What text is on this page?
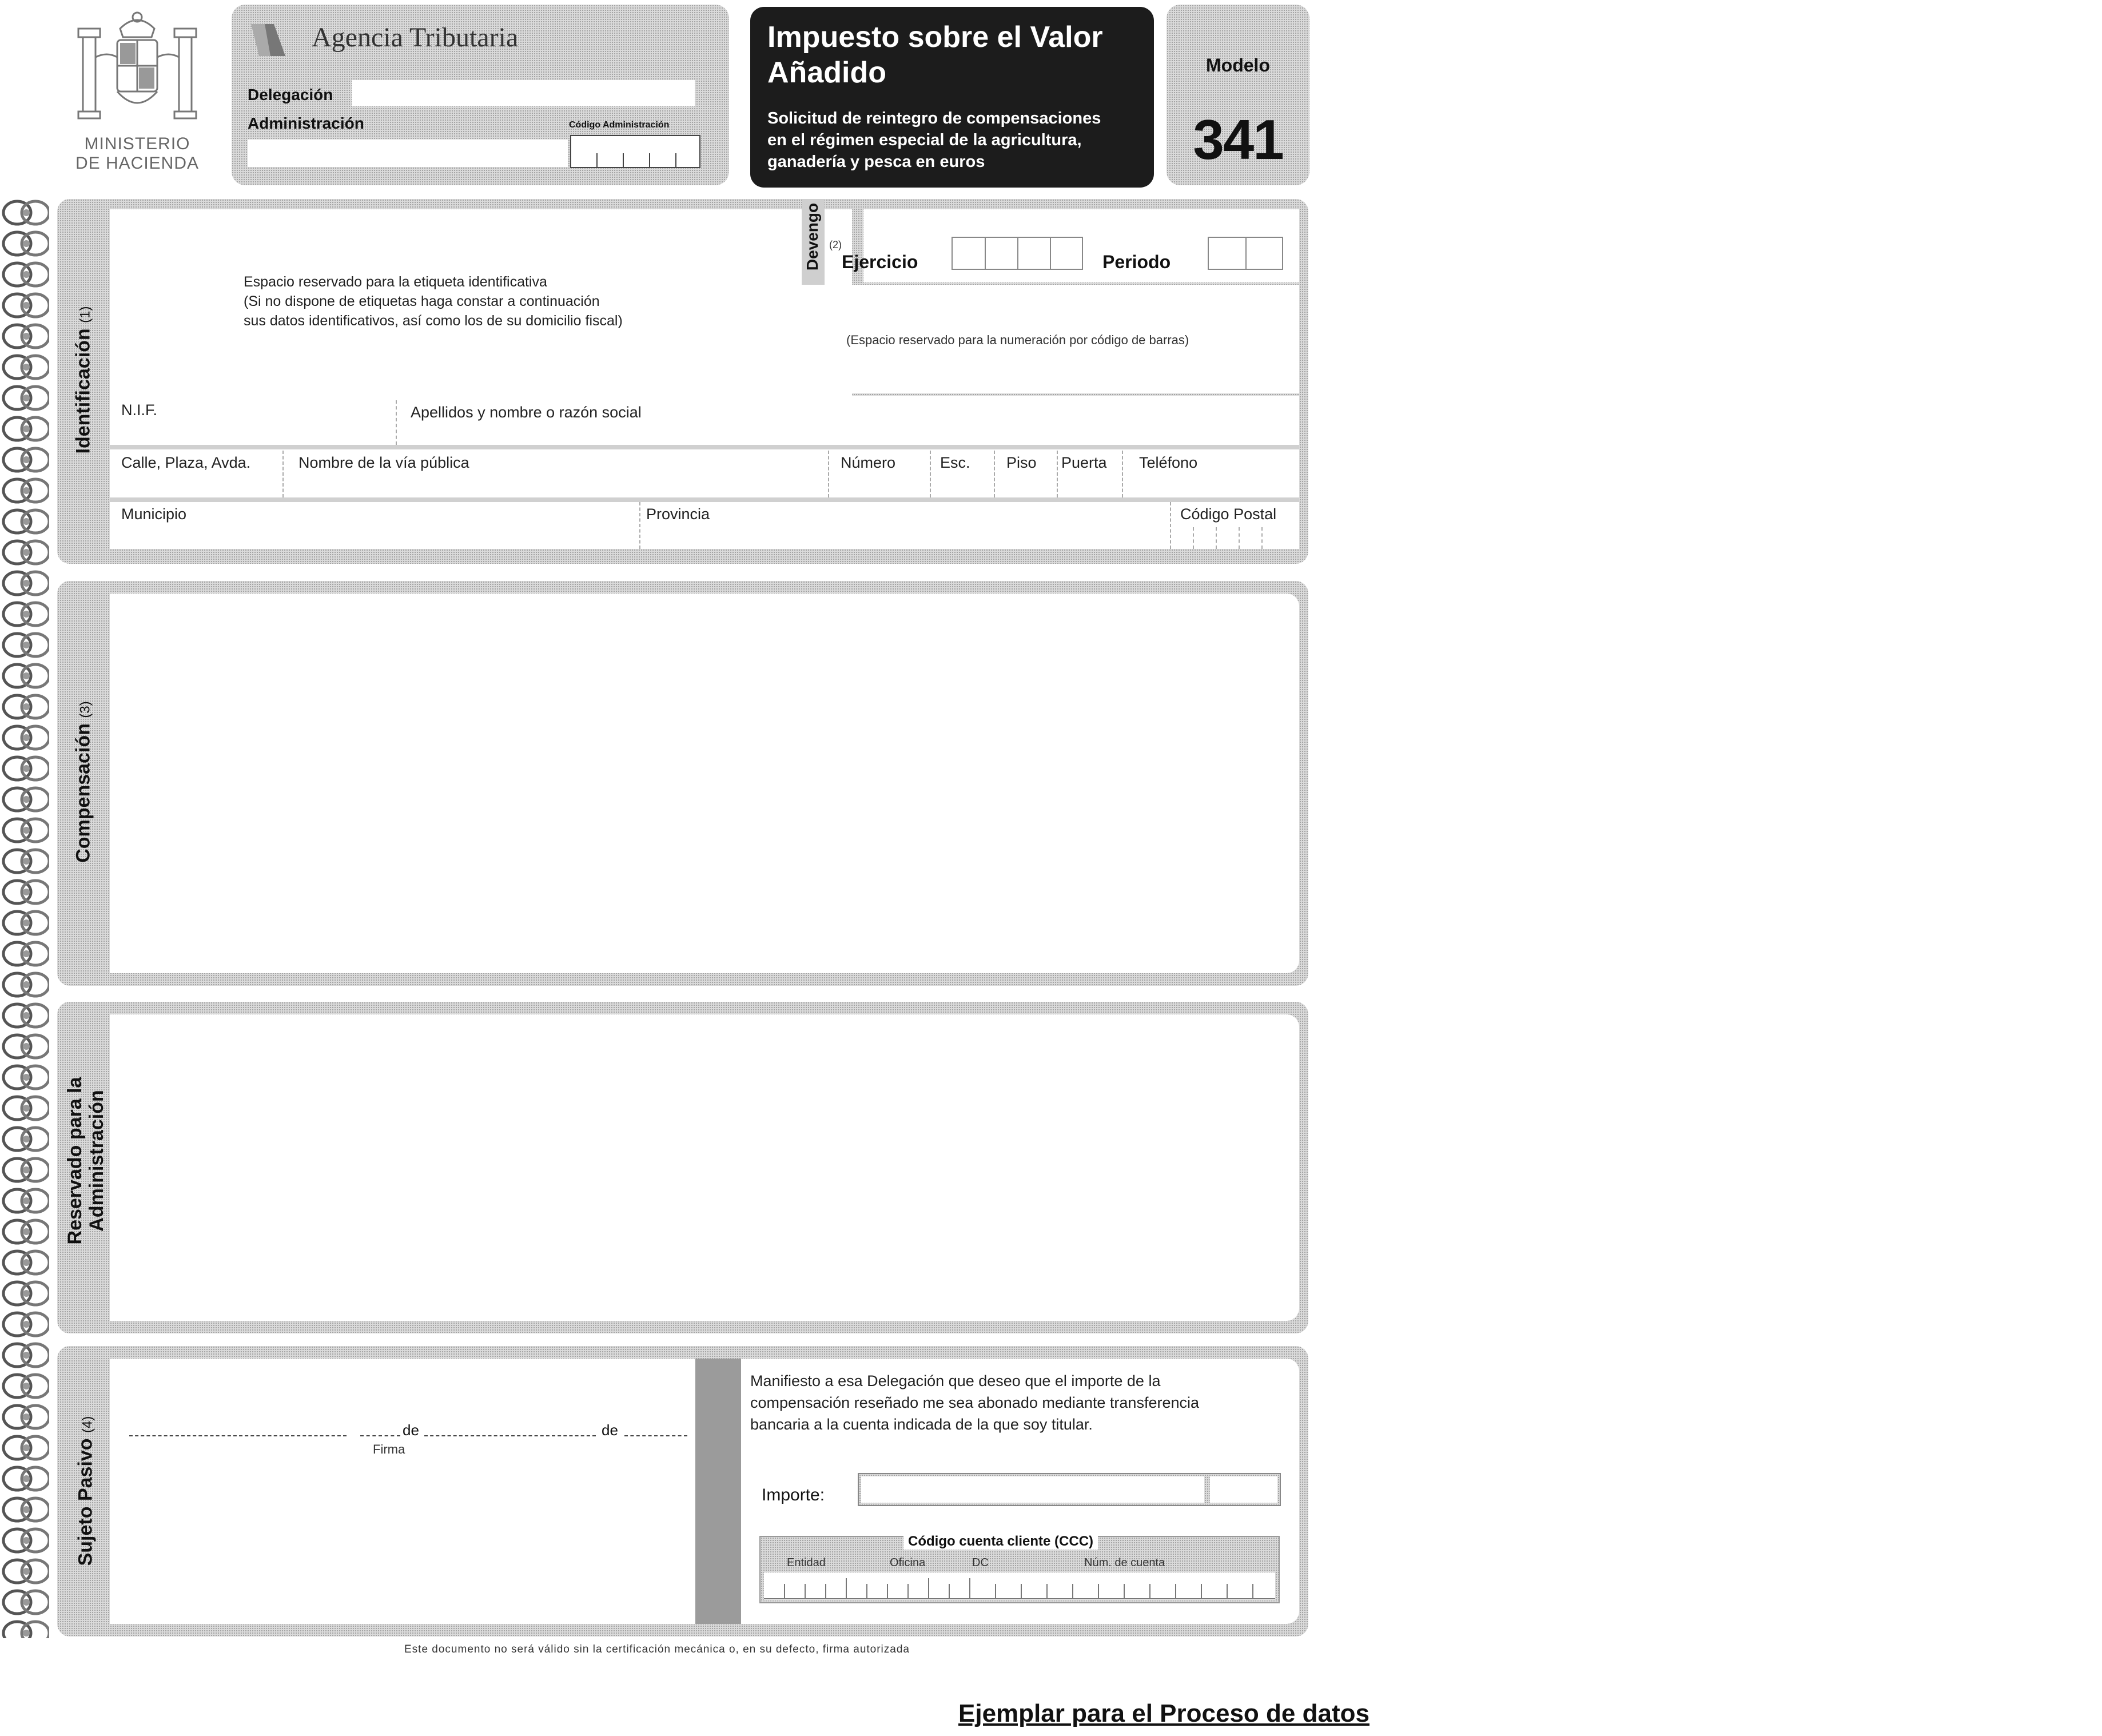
MINISTERIO
DE HACIENDA
Agencia Tributaria
Delegación
Administración	Código Administración
Impuesto sobre el Valor
Añadido
Solicitud de reintegro de compensaciones
en el régimen especial de la agricultura,
ganadería y pesca en euros
Modelo
341
Identificación (1)
Espacio reservado para la etiqueta identificativa
(Si no dispone de etiquetas haga constar a continuación
sus datos identificativos, así como los de su domicilio fiscal)
(Espacio reservado para la numeración por código de barras)
Devengo (2)
Ejercicio	Periodo
N.I.F.	Apellidos y nombre o razón social
Calle, Plaza, Avda.	Nombre de la vía pública	Número	Esc. Piso Puerta Teléfono
Municipio	Provincia	Código Postal
Compensación (3)
Reservado para la Administración
Sujeto Pasivo (4)	de	de
Firma
Manifiesto a esa Delegación que deseo que el importe de la
compensación reseñado me sea abonado mediante transferencia
bancaria a la cuenta indicada de la que soy titular.
Importe:
Código cuenta cliente (CCC)
Entidad	Oficina	DC	Núm. de cuenta
Este documento no será válido sin la certificación mecánica o, en su defecto, firma autorizada
Ejemplar para el Proceso de datos
